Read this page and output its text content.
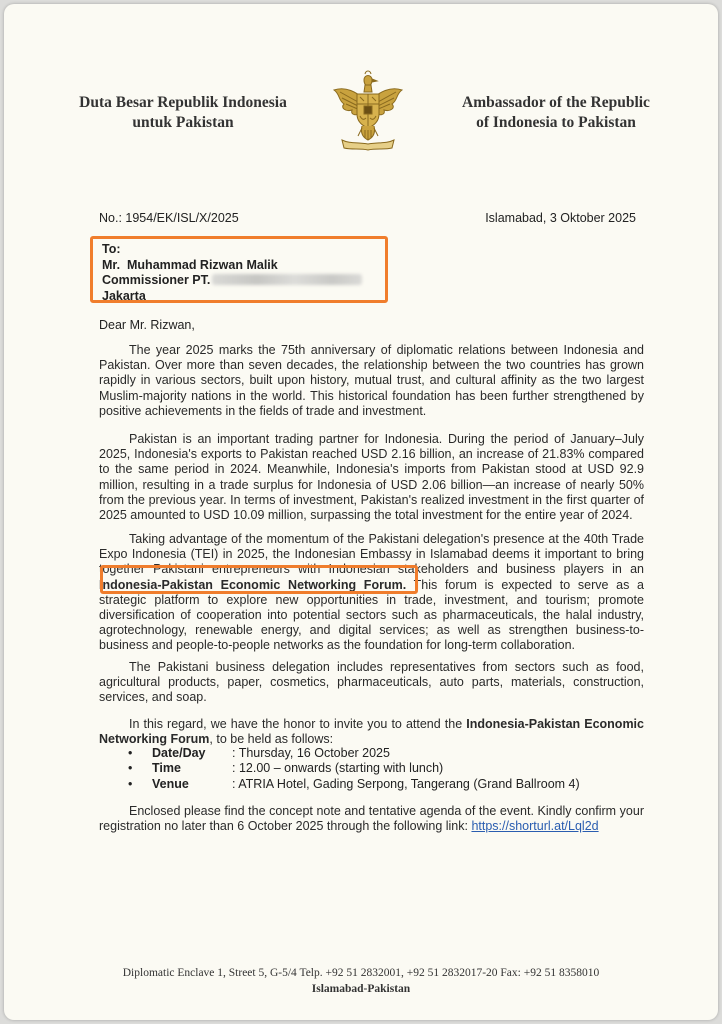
Duta Besar Republik Indonesia
untuk Pakistan
Ambassador of the Republic
of Indonesia to Pakistan
No.: 1954/EK/ISL/X/2025	Islamabad, 3 Oktober 2025
To:
Mr.  Muhammad Rizwan Malik
Commissioner PT.
Jakarta
Dear Mr. Rizwan,

The year 2025 marks the 75th anniversary of diplomatic relations between Indonesia and Pakistan. Over more than seven decades, the relationship between the two countries has grown rapidly in various sectors, built upon history, mutual trust, and cultural affinity as the two largest Muslim-majority nations in the world. This historical foundation has been further strengthened by positive achievements in the fields of trade and investment.

Pakistan is an important trading partner for Indonesia. During the period of January–July 2025, Indonesia's exports to Pakistan reached USD 2.16 billion, an increase of 21.83% compared to the same period in 2024. Meanwhile, Indonesia's imports from Pakistan stood at USD 92.9 million, resulting in a trade surplus for Indonesia of USD 2.06 billion—an increase of nearly 50% from the previous year. In terms of investment, Pakistan's realized investment in the first quarter of 2025 amounted to USD 10.09 million, surpassing the total investment for the entire year of 2024.

Taking advantage of the momentum of the Pakistani delegation's presence at the 40th Trade Expo Indonesia (TEI) in 2025, the Indonesian Embassy in Islamabad deems it important to bring together Pakistani entrepreneurs with Indonesian stakeholders and business players in an Indonesia-Pakistan Economic Networking Forum. This forum is expected to serve as a strategic platform to explore new opportunities in trade, investment, and tourism; promote diversification of cooperation into potential sectors such as pharmaceuticals, the halal industry, agrotechnology, renewable energy, and digital services; as well as strengthen business-to-business and people-to-people networks as the foundation for long-term collaboration.

The Pakistani business delegation includes representatives from sectors such as food, agricultural products, paper, cosmetics, pharmaceuticals, auto parts, materials, construction, services, and soap.

In this regard, we have the honor to invite you to attend the Indonesia-Pakistan Economic Networking Forum, to be held as follows:

•	Date/Day	: Thursday, 16 October 2025
•	Time	: 12.00 – onwards (starting with lunch)
•	Venue	: ATRIA Hotel, Gading Serpong, Tangerang (Grand Ballroom 4)

Enclosed please find the concept note and tentative agenda of the event. Kindly confirm your registration no later than 6 October 2025 through the following link: https://shorturl.at/Lql2d

Diplomatic Enclave 1, Street 5, G-5/4 Telp. +92 51 2832001, +92 51 2832017-20 Fax: +92 51 8358010
Islamabad-Pakistan
